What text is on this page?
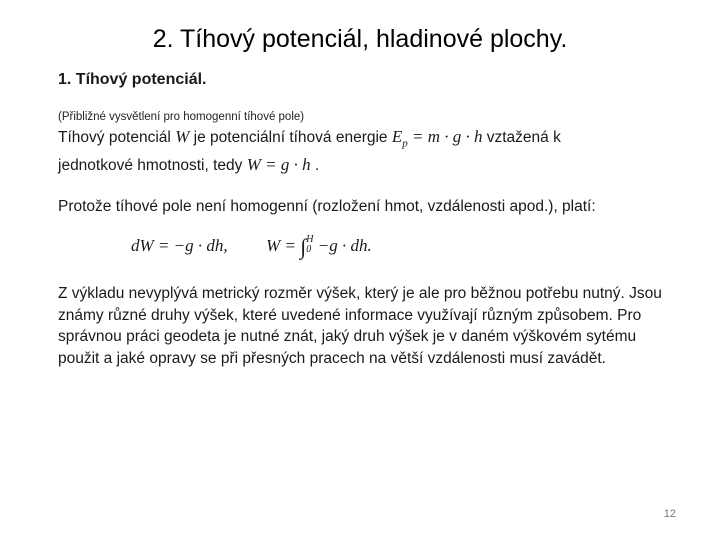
2. Tíhový potenciál, hladinové plochy.
1. Tíhový potenciál.
(Přibližné vysvětlení pro homogenní tíhové pole)

Tíhový potenciál W je potenciální tíhová energie $E_p = m \cdot g \cdot h$ vztažená k
jednotkové hmotnosti, tedy W = g · h .

Protože tíhové pole není homogenní (rozložení hmot, vzdálenosti apod.), platí:

dW = −g · dh, W = ∫H
0 −g · dh.

Z výkladu nevyplývá metrický rozměr výšek, který je ale pro běžnou potřebu nutný. Jsou známy různé druhy výšek, které uvedené informace využívají různým způsobem. Pro správnou práci geodeta je nutné znát, jaký druh výšek je v daném výškovém sytému použit a jaké opravy se při přesných pracech na větší vzdálenosti musí zavádět.

12
